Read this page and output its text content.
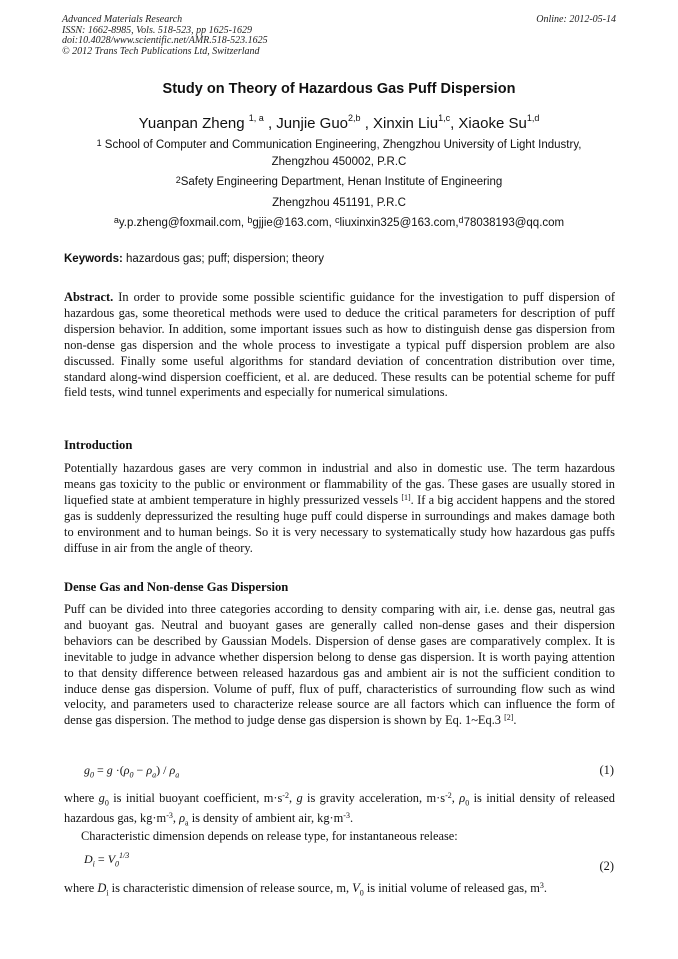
Advanced Materials Research
ISSN: 1662-8985, Vols. 518-523, pp 1625-1629
doi:10.4028/www.scientific.net/AMR.518-523.1625
© 2012 Trans Tech Publications Ltd, Switzerland
Online: 2012-05-14
Study on Theory of Hazardous Gas Puff Dispersion
Yuanpan Zheng $^{1, a}$ , Junjie Guo$^{2,b}$ , Xinxin Liu$^{1,c}$, Xiaoke Su$^{1,d}$
$^1$ School of Computer and Communication Engineering, Zhengzhou University of Light Industry,
Zhengzhou 450002, P.R.C
$^2$Safety Engineering Department, Henan Institute of Engineering
Zhengzhou 451191, P.R.C
$^a$y.p.zheng@foxmail.com, $^b$gjjie@163.com, $^c$liuxinxin325@163.com,$^d$78038193@qq.com
Keywords: hazardous gas; puff; dispersion; theory
Abstract. In order to provide some possible scientific guidance for the investigation to puff dispersion of hazardous gas, some theoretical methods were used to deduce the critical parameters for description of puff dispersion behavior. In addition, some important issues such as how to distinguish dense gas dispersion from non-dense gas dispersion and the whole process to investigate a typical puff dispersion problem are also discussed. Finally some useful algorithms for standard deviation of concentration distribution over time, standard along-wind dispersion coefficient, et al. are deduced. These results can be potential scheme for puff field tests, wind tunnel experiments and especially for numerical simulations.
Introduction
Potentially hazardous gases are very common in industrial and also in domestic use. The term hazardous means gas toxicity to the public or environment or flammability of the gas. These gases are usually stored in liquefied state at ambient temperature in highly pressurized vessels [1]. If a big accident happens and the stored gas is suddenly depressurized the resulting huge puff could disperse in surroundings and makes damage both to environment and to human beings. So it is very necessary to systematically study how hazardous gas puffs diffuse in air from the angle of theory.
Dense Gas and Non-dense Gas Dispersion
Puff can be divided into three categories according to density comparing with air, i.e. dense gas, neutral gas and buoyant gas. Neutral and buoyant gases are generally called non-dense gases and their dispersion behaviors can be described by Gaussian Models. Dispersion of dense gases are comparatively complex. It is inevitable to judge in advance whether dispersion belong to dense gas dispersion. It is worth paying attention to that density difference between released hazardous gas and ambient air is not the sufficient condition to induce dense gas dispersion. Volume of puff, flux of puff, characteristics of surrounding flow such as wind velocity, and parameters used to characterize release source are all factors which can influence the form of dense gas dispersion. The method to judge dense gas dispersion is shown by Eq. 1~Eq.3 [2].
$g_0 = g \cdot(\rho_0 - \rho_a) / \rho_a$	(1)
where $g_0$ is initial buoyant coefficient, $m\cdot s^{-2}$, g is gravity acceleration, $m\cdot s^{-2}$, $\rho_0$ is initial density of released hazardous gas, $kg\cdot m^{-3}$, $\rho_a$ is density of ambient air, $kg\cdot m^{-3}$.
Characteristic dimension depends on release type, for instantaneous release:
$D_i = V_0^{1/3}$
(2)
where $D_i$ is characteristic dimension of release source, m, $V_0$ is initial volume of released gas, $m^3$.
